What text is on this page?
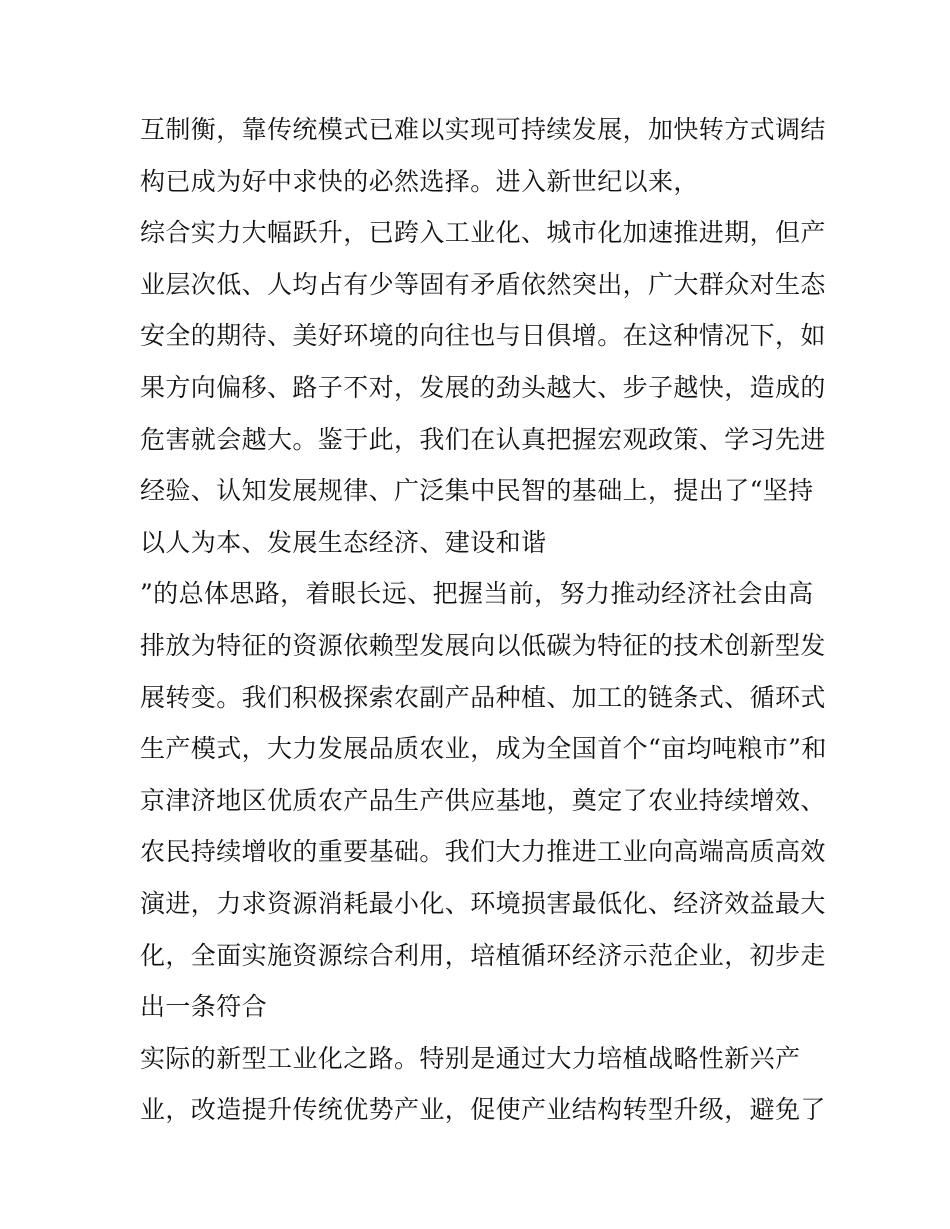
互制衡，靠传统模式已难以实现可持续发展，加快转方式调结
构已成为好中求快的必然选择。进入新世纪以来，
综合实力大幅跃升，已跨入工业化、城市化加速推进期，但产
业层次低、人均占有少等固有矛盾依然突出，广大群众对生态
安全的期待、美好环境的向往也与日俱增。在这种情况下，如
果方向偏移、路子不对，发展的劲头越大、步子越快，造成的
危害就会越大。鉴于此，我们在认真把握宏观政策、学习先进
经验、认知发展规律、广泛集中民智的基础上，提出了“坚持
以人为本、发展生态经济、建设和谐
”的总体思路，着眼长远、把握当前，努力推动经济社会由高
排放为特征的资源依赖型发展向以低碳为特征的技术创新型发
展转变。我们积极探索农副产品种植、加工的链条式、循环式
生产模式，大力发展品质农业，成为全国首个“亩均吨粮市”和
京津济地区优质农产品生产供应基地，奠定了农业持续增效、
农民持续增收的重要基础。我们大力推进工业向高端高质高效
演进，力求资源消耗最小化、环境损害最低化、经济效益最大
化，全面实施资源综合利用，培植循环经济示范企业，初步走
出一条符合
实际的新型工业化之路。特别是通过大力培植战略性新兴产
业，改造提升传统优势产业，促使产业结构转型升级，避免了
